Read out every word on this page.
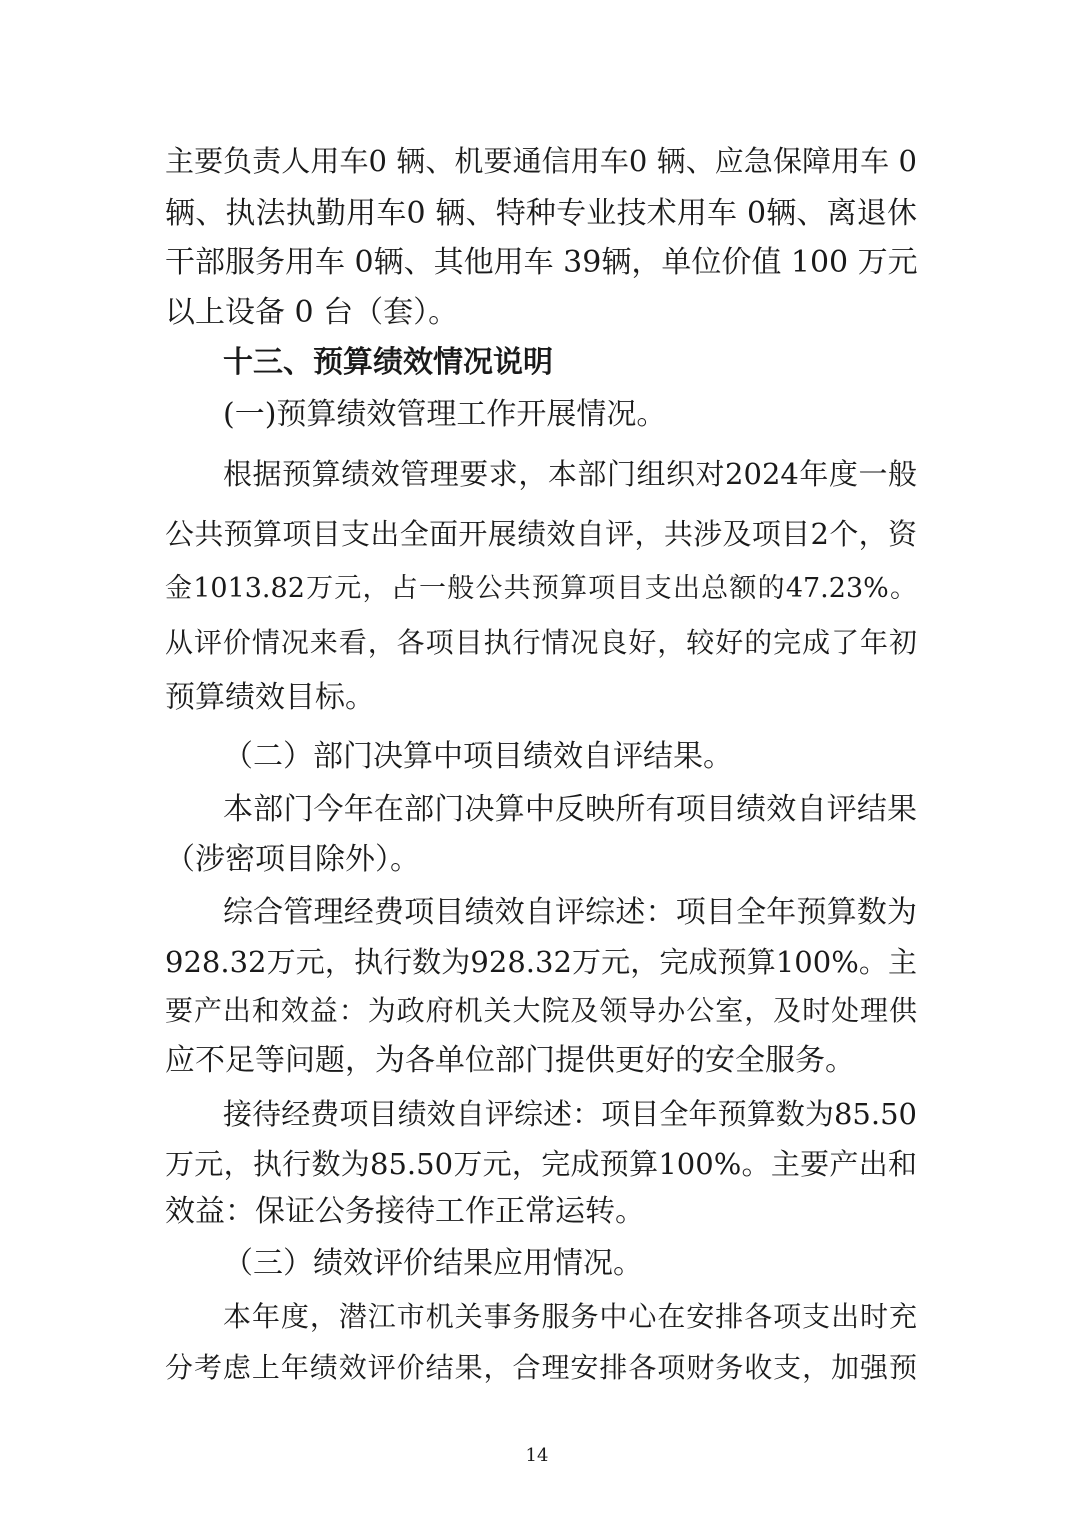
主要负责人用车0 辆、机要通信用车0 辆、应急保障用车 0
辆、执法执勤用车0 辆、特种专业技术用车 0辆、离退休
干部服务用车 0辆、其他用车 39辆，单位价值 100 万元
以上设备 0 台（套）。
十三、预算绩效情况说明
(一)预算绩效管理工作开展情况。
根据预算绩效管理要求，本部门组织对2024年度一般
公共预算项目支出全面开展绩效自评，共涉及项目2个，资
金1013.82万元，占一般公共预算项目支出总额的47.23%。
从评价情况来看，各项目执行情况良好，较好的完成了年初
预算绩效目标。
（二）部门决算中项目绩效自评结果。
本部门今年在部门决算中反映所有项目绩效自评结果
（涉密项目除外）。
综合管理经费项目绩效自评综述：项目全年预算数为
928.32万元，执行数为928.32万元，完成预算100%。主
要产出和效益：为政府机关大院及领导办公室，及时处理供
应不足等问题，为各单位部门提供更好的安全服务。
接待经费项目绩效自评综述：项目全年预算数为85.50
万元，执行数为85.50万元，完成预算100%。主要产出和
效益：保证公务接待工作正常运转。
（三）绩效评价结果应用情况。
本年度，潜江市机关事务服务中心在安排各项支出时充
分考虑上年绩效评价结果，合理安排各项财务收支，加强预
14
